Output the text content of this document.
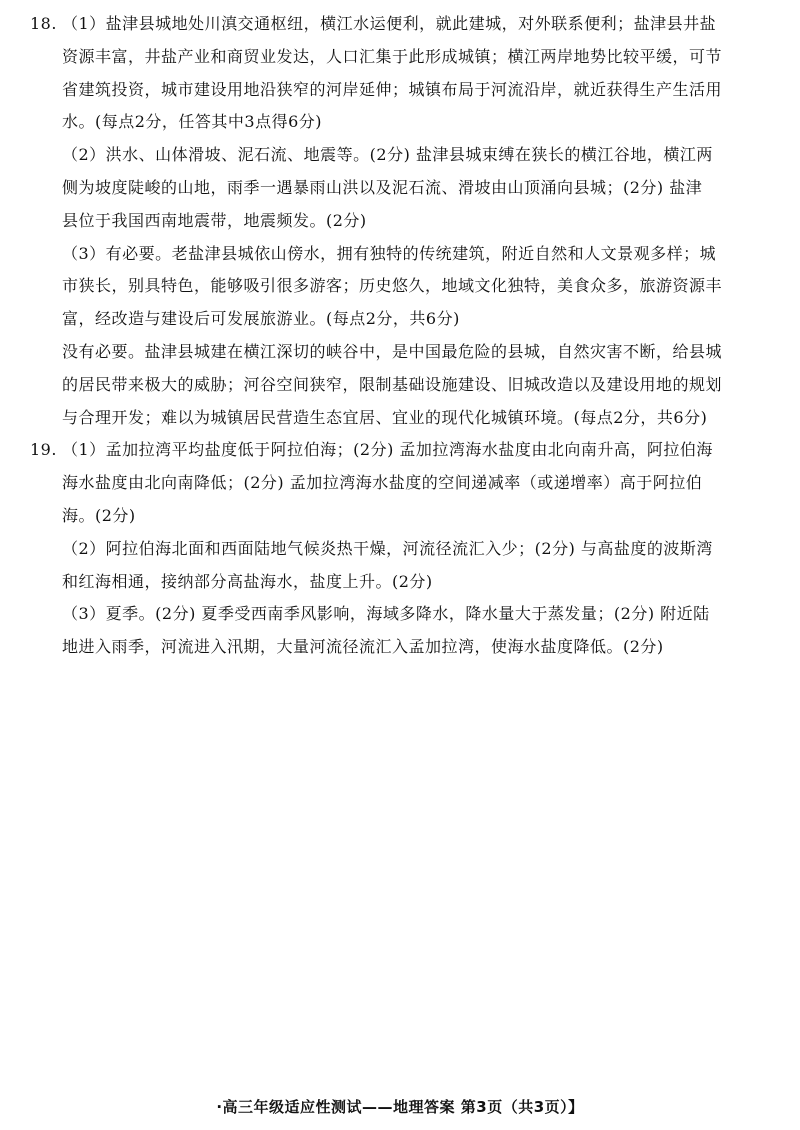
18. （1）盐津县城地处川滇交通枢纽，横江水运便利，就此建城，对外联系便利；盐津县井盐
资源丰富，井盐产业和商贸业发达，人口汇集于此形成城镇；横江两岸地势比较平缓，可节
省建筑投资，城市建设用地沿狭窄的河岸延伸；城镇布局于河流沿岸，就近获得生产生活用
水。(每点2分，任答其中3点得6分)
（2）洪水、山体滑坡、泥石流、地震等。(2分) 盐津县城束缚在狭长的横江谷地，横江两
侧为坡度陡峻的山地，雨季一遇暴雨山洪以及泥石流、滑坡由山顶涌向县城；(2分) 盐津
县位于我国西南地震带，地震频发。(2分)
（3）有必要。老盐津县城依山傍水，拥有独特的传统建筑，附近自然和人文景观多样；城
市狭长，别具特色，能够吸引很多游客；历史悠久，地域文化独特，美食众多，旅游资源丰
富，经改造与建设后可发展旅游业。(每点2分，共6分)
没有必要。盐津县城建在横江深切的峡谷中，是中国最危险的县城，自然灾害不断，给县城
的居民带来极大的威胁；河谷空间狭窄，限制基础设施建设、旧城改造以及建设用地的规划
与合理开发；难以为城镇居民营造生态宜居、宜业的现代化城镇环境。(每点2分，共6分)
19. （1）孟加拉湾平均盐度低于阿拉伯海；(2分) 孟加拉湾海水盐度由北向南升高，阿拉伯海
海水盐度由北向南降低；(2分) 孟加拉湾海水盐度的空间递减率（或递增率）高于阿拉伯
海。(2分)
（2）阿拉伯海北面和西面陆地气候炎热干燥，河流径流汇入少；(2分) 与高盐度的波斯湾
和红海相通，接纳部分高盐海水，盐度上升。(2分)
（3）夏季。(2分) 夏季受西南季风影响，海域多降水，降水量大于蒸发量；(2分) 附近陆
地进入雨季，河流进入汛期，大量河流径流汇入孟加拉湾，使海水盐度降低。(2分)
·高三年级适应性测试——地理答案 第3页（共3页）】
